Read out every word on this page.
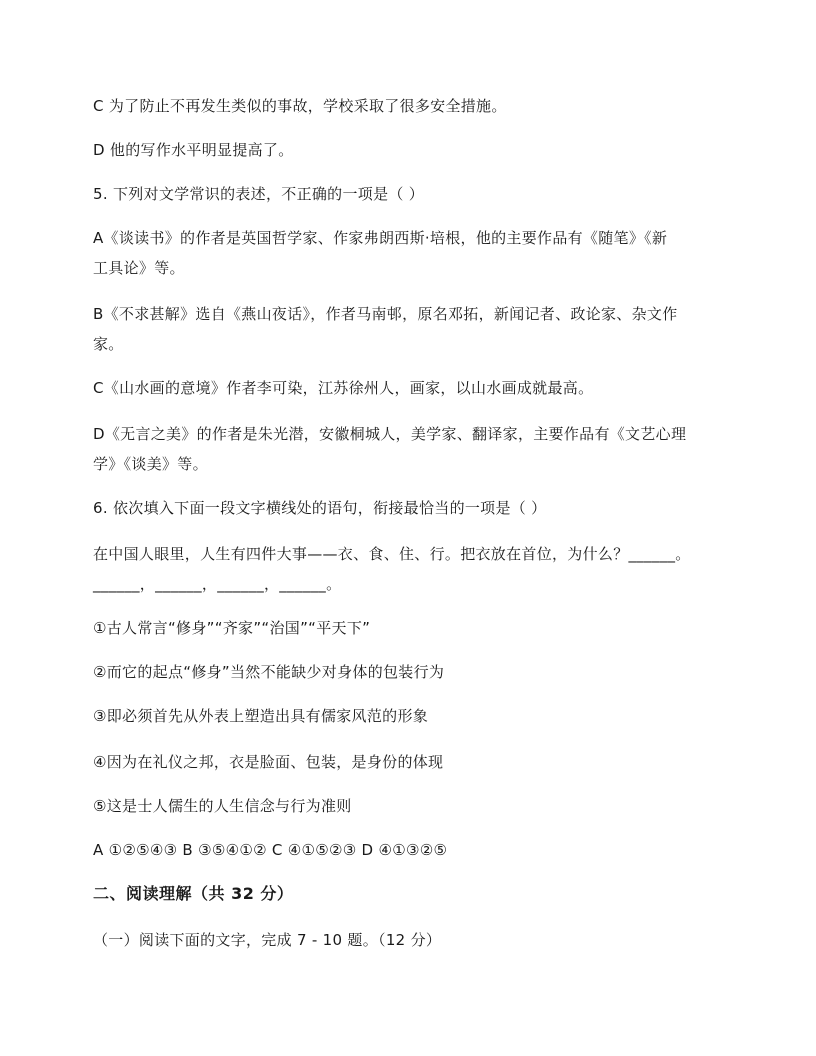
C 为了防止不再发生类似的事故，学校采取了很多安全措施。
D 他的写作水平明显提高了。
5. 下列对文学常识的表述，不正确的一项是（ ）
A《谈读书》的作者是英国哲学家、作家弗朗西斯·培根，他的主要作品有《随笔》《新
工具论》等。
B《不求甚解》选自《燕山夜话》，作者马南邨，原名邓拓，新闻记者、政论家、杂文作
家。
C《山水画的意境》作者李可染，江苏徐州人，画家，以山水画成就最高。
D《无言之美》的作者是朱光潜，安徽桐城人，美学家、翻译家，主要作品有《文艺心理
学》《谈美》等。
6. 依次填入下面一段文字横线处的语句，衔接最恰当的一项是（ ）
在中国人眼里，人生有四件大事——衣、食、住、行。把衣放在首位，为什么？______。
______，______，______，______。
①古人常言“修身”“齐家”“治国”“平天下”
②而它的起点“修身”当然不能缺少对身体的包装行为
③即必须首先从外表上塑造出具有儒家风范的形象
④因为在礼仪之邦，衣是脸面、包装，是身份的体现
⑤这是士人儒生的人生信念与行为准则
A ①②⑤④③ B ③⑤④①② C ④①⑤②③ D ④①③②⑤
二、阅读理解（共 32 分）
（一）阅读下面的文字，完成 7 - 10 题。（12 分）
